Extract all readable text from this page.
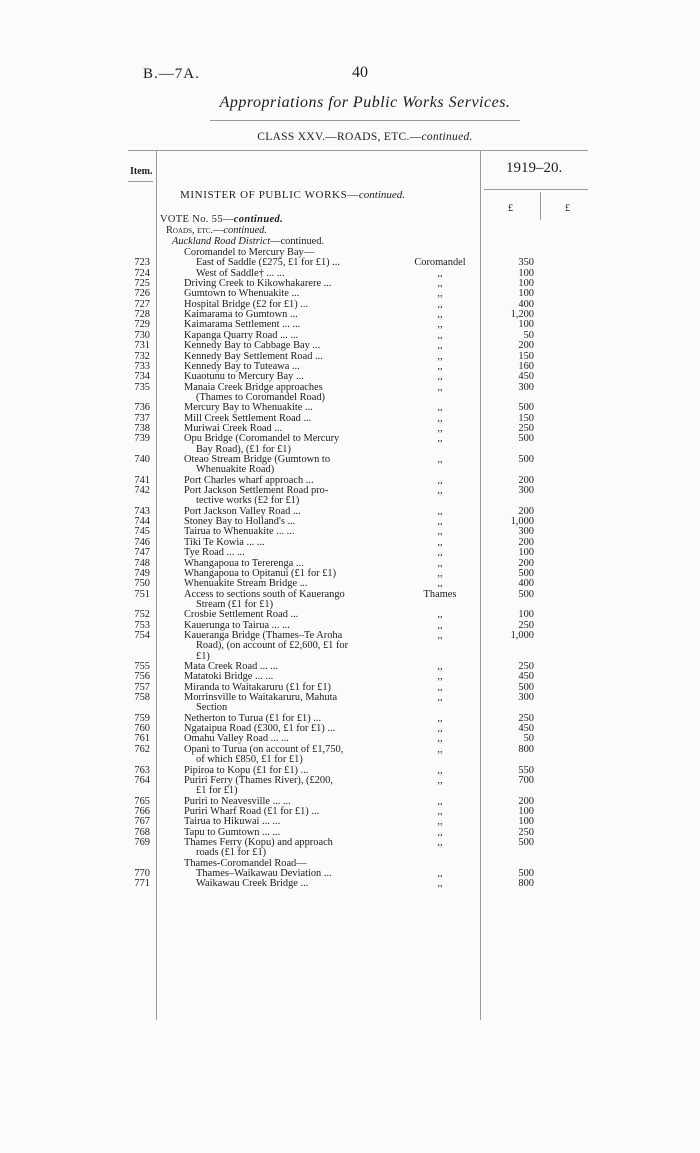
B.—7A.	40
Appropriations for Public Works Services.
CLASS XXV.—ROADS, ETC.—continued.
Item.	1919–20.
£	£
MINISTER OF PUBLIC WORKS—continued.
VOTE No. 55—continued.
Roads, etc.—continued.
Auckland Road District—continued.
Coromandel to Mercury Bay—
723	East of Saddle (£275, £1 for £1) ...	Coromandel	350
724	West of Saddle† ... ...	,,	100
725	Driving Creek to Kikowhakarere ...	,,	100
726	Gumtown to Whenuakite ...	,,	100
727	Hospital Bridge (£2 for £1) ...	,,	400
728	Kaimarama to Gumtown ...	,,	1,200
729	Kaimarama Settlement ... ...	,,	100
730	Kapanga Quarry Road ... ...	,,	50
731	Kennedy Bay to Cabbage Bay ...	,,	200
732	Kennedy Bay Settlement Road ...	,,	150
733	Kennedy Bay to Tuteawa ...	,,	160
734	Kuaotunu to Mercury Bay ...	,,	450
735	Manaia Creek Bridge approaches	,,	300
(Thames to Coromandel Road)
736	Mercury Bay to Whenuakite ...	,,	500
737	Mill Creek Settlement Road ...	,,	150
738	Muriwai Creek Road ...	,,	250
739	Opu Bridge (Coromandel to Mercury	,,	500
Bay Road), (£1 for £1)
740	Oteao Stream Bridge (Gumtown to	,,	500
Whenuakite Road)
741	Port Charles wharf approach ...	,,	200
742	Port Jackson Settlement Road pro-	,,	300
tective works (£2 for £1)
743	Port Jackson Valley Road ...	,,	200
744	Stoney Bay to Holland's ...	,,	1,000
745	Tairua to Whenuakite ... ...	,,	300
746	Tiki Te Kowia ... ...	,,	200
747	Tye Road ... ...	,,	100
748	Whangapoua to Tererenga ...	,,	200
749	Whangapoua to Opitanui (£1 for £1)	,,	500
750	Whenuakite Stream Bridge ...	,,	400
751	Access to sections south of Kauerango	Thames	500
Stream (£1 for £1)
752	Crosbie Settlement Road ...	,,	100
753	Kauerunga to Tairua ... ...	,,	250
754	Kaueranga Bridge (Thames–Te Aroha	,,	1,000
Road), (on account of £2,600, £1 for
£1)
755	Mata Creek Road ... ...	,,	250
756	Matatoki Bridge ... ...	,,	450
757	Miranda to Waitakaruru (£1 for £1)	,,	500
758	Morrinsville to Waitakaruru, Mahuta	,,	300
Section
759	Netherton to Turua (£1 for £1) ...	,,	250
760	Ngataipua Road (£300, £1 for £1) ...	,,	450
761	Omahu Valley Road ... ...	,,	50
762	Opani to Turua (on account of £1,750,	,,	800
of which £850, £1 for £1)
763	Pipiroa to Kopu (£1 for £1) ...	,,	550
764	Puriri Ferry (Thames River), (£200,	,,	700
£1 for £1)
765	Puriri to Neavesville ... ...	,,	200
766	Puriri Wharf Road (£1 for £1) ...	,,	100
767	Tairua to Hikuwai ... ...	,,	100
768	Tapu to Gumtown ... ...	,,	250
769	Thames Ferry (Kopu) and approach	,,	500
roads (£1 for £1)
Thames-Coromandel Road—
770	Thames–Waikawau Deviation ...	,,	500
771	Waikawau Creek Bridge ...	,,	800
